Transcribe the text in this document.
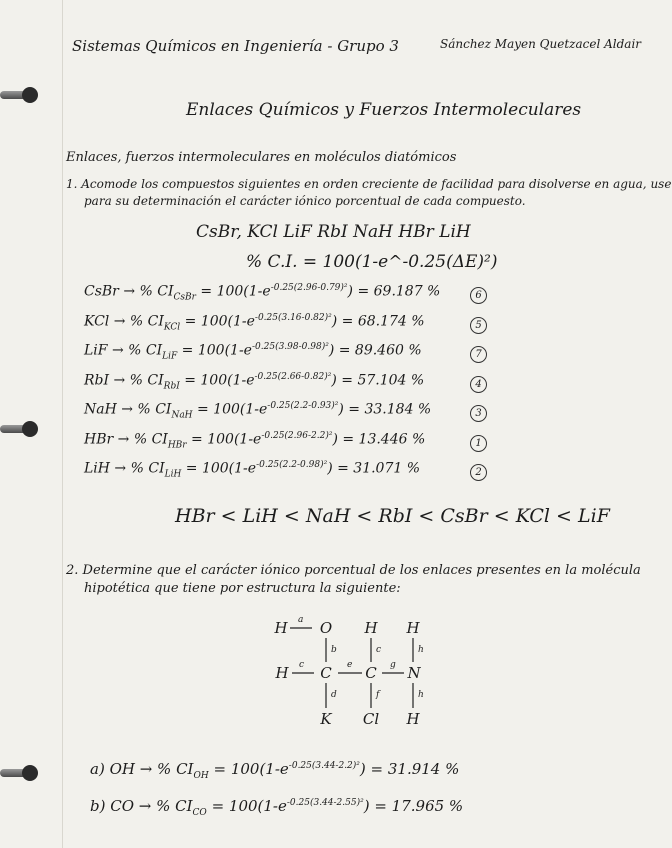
Sistemas Químicos en Ingeniería - Grupo 3	Sánchez Mayen Quetzacel Aldair
Enlaces Químicos y Fuerzos Intermoleculares
Enlaces, fuerzos intermoleculares en moléculos diatómicos
1. Acomode los compuestos siguientes en orden creciente de facilidad para disolverse en agua, use
para su determinación el carácter iónico porcentual de cada compuesto.
CsBr, KCl LiF RbI NaH HBr LiH
% C.I. = 100(1-e^-0.25(ΔE)²)
CsBr → % $CI_{CsBr} = 100(1-e^{-0.25(2.96-0.79)^2}) = 69.187$ %	6
KCl → % $CI_{KCl} = 100(1-e^{-0.25(3.16-0.82)^2}) = 68.174$ %	5
LiF → % $CI_{LiF} = 100(1-e^{-0.25(3.98-0.98)^2}) = 89.460$ %	7
RbI → % $CI_{RbI} = 100(1-e^{-0.25(2.66-0.82)^2}) = 57.104$ %	4
NaH → % $CI_{NaH} = 100(1-e^{-0.25(2.2-0.93)^2}) = 33.184$ %	3
HBr → % $CI_{HBr} = 100(1-e^{-0.25(2.96-2.2)^2}) = 13.446$ %	1
LiH → % $CI_{LiH} = 100(1-e^{-0.25(2.2-0.98)^2}) = 31.071$ %	2
HBr < LiH < NaH < RbI < CsBr < KCl < LiF
2. Determine que el carácter iónico porcentual de los enlaces presentes en la molécula
hipotética que tiene por estructura la siguiente:
H O H H
H C C N
K Cl H
a
b	c	h
c	e	g
d	f	h
a) OH → % $CI_{OH} = 100(1-e^{-0.25(3.44-2.2)^2}) = 31.914$ %
b) CO → % $CI_{CO} = 100(1-e^{-0.25(3.44-2.55)^2}) = 17.965$ %
